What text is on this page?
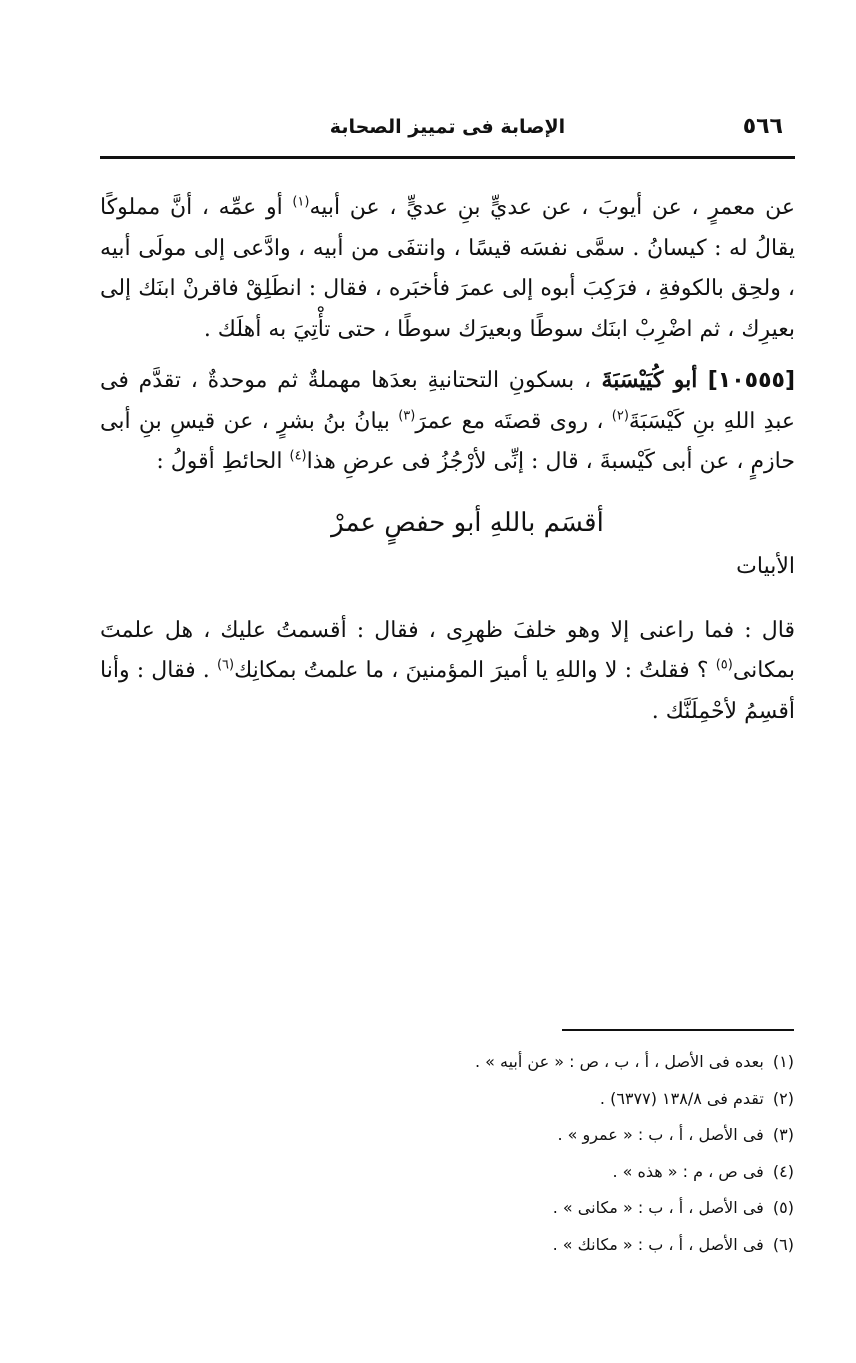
٥٦٦
الإصابة فى تمييز الصحابة

عن معمرٍ ، عن أيوبَ ، عن عديٍّ بنِ عديٍّ ، عن أبيه$^{(١)}$ أو عمِّه ، أنَّ مملوكًا يقالُ له : كيسانُ . سمَّى نفسَه قيسًا ، وانتفَى من أبيه ، وادَّعى إلى مولَى أبيه ، ولحِق بالكوفةِ ، فرَكِبَ أبوه إلى عمرَ فأخبَره ، فقال : انطَلِقْ فاقرنْ ابنَك إلى بعيرِك ، ثم اضْرِبْ ابنَك سوطًا وبعيرَك سوطًا ، حتى تأْتِيَ به أهلَك .

[١٠٥٥٥] أبو كُيَيْسَبَةَ ، بسكونِ التحتانيةِ بعدَها مهملةٌ ثم موحدةٌ ، تقدَّم فى عبدِ اللهِ بنِ كَيْسَبَةَ$^{(٢)}$ ، روى قصتَه مع عمرَ$^{(٣)}$ بيانُ بنُ بشرٍ ، عن قيسِ بنِ أبى حازمٍ ، عن أبى كَيْسبةَ ، قال : إنِّى لأرْجُزُ فى عرضِ هذا$^{(٤)}$ الحائطِ أقولُ :

أقسَم باللهِ أبو حفصٍ عمرْ
الأبيات

قال : فما راعنى إلا وهو خلفَ ظهرِى ، فقال : أقسمتُ عليك ، هل علمتَ بمكانى$^{(٥)}$ ؟ فقلتُ : لا واللهِ يا أميرَ المؤمنينَ ، ما علمتُ بمكانِك$^{(٦)}$ . فقال : وأنا أقسِمُ لأحْمِلَنَّك .

(١) بعده فى الأصل ، أ ، ب ، ص : « عن أبيه » .
(٢) تقدم فى ١٣٨/٨ (٦٣٧٧) .
(٣) فى الأصل ، أ ، ب : « عمرو » .
(٤) فى ص ، م : « هذه » .
(٥) فى الأصل ، أ ، ب : « مكانى » .
(٦) فى الأصل ، أ ، ب : « مكانك » .
